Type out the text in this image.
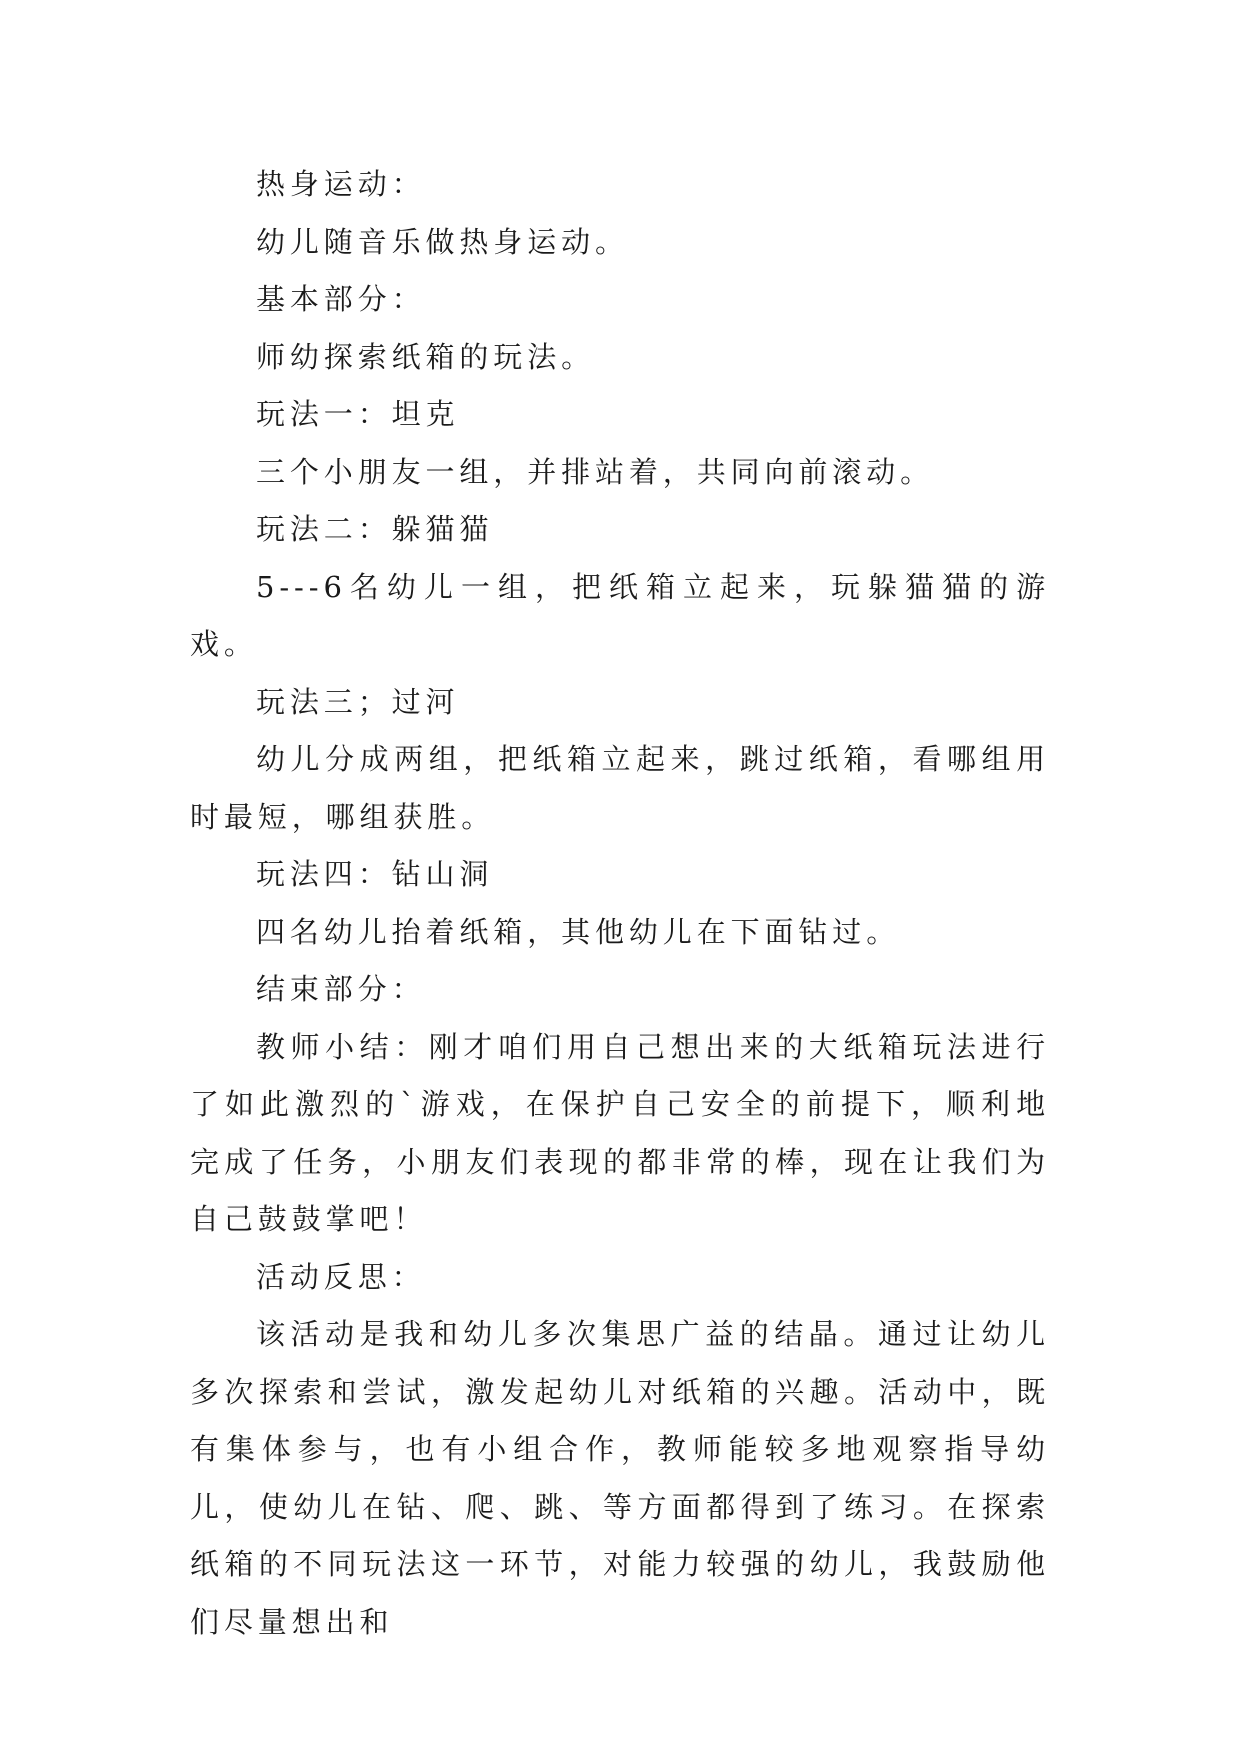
热身运动：

幼儿随音乐做热身运动。

基本部分：

师幼探索纸箱的玩法。

玩法一：坦克

三个小朋友一组，并排站着，共同向前滚动。

玩法二：躲猫猫

5---6名幼儿一组，把纸箱立起来，玩躲猫猫的游戏。

玩法三；过河

幼儿分成两组，把纸箱立起来，跳过纸箱，看哪组用时最短，哪组获胜。

玩法四：钻山洞

四名幼儿抬着纸箱，其他幼儿在下面钻过。

结束部分：

教师小结：刚才咱们用自己想出来的大纸箱玩法进行了如此激烈的`游戏，在保护自己安全的前提下，顺利地完成了任务，小朋友们表现的都非常的棒，现在让我们为自己鼓鼓掌吧！

活动反思：

该活动是我和幼儿多次集思广益的结晶。通过让幼儿多次探索和尝试，激发起幼儿对纸箱的兴趣。活动中，既有集体参与，也有小组合作，教师能较多地观察指导幼儿，使幼儿在钻、爬、跳、等方面都得到了练习。在探索纸箱的不同玩法这一环节，对能力较强的幼儿，我鼓励他们尽量想出和
